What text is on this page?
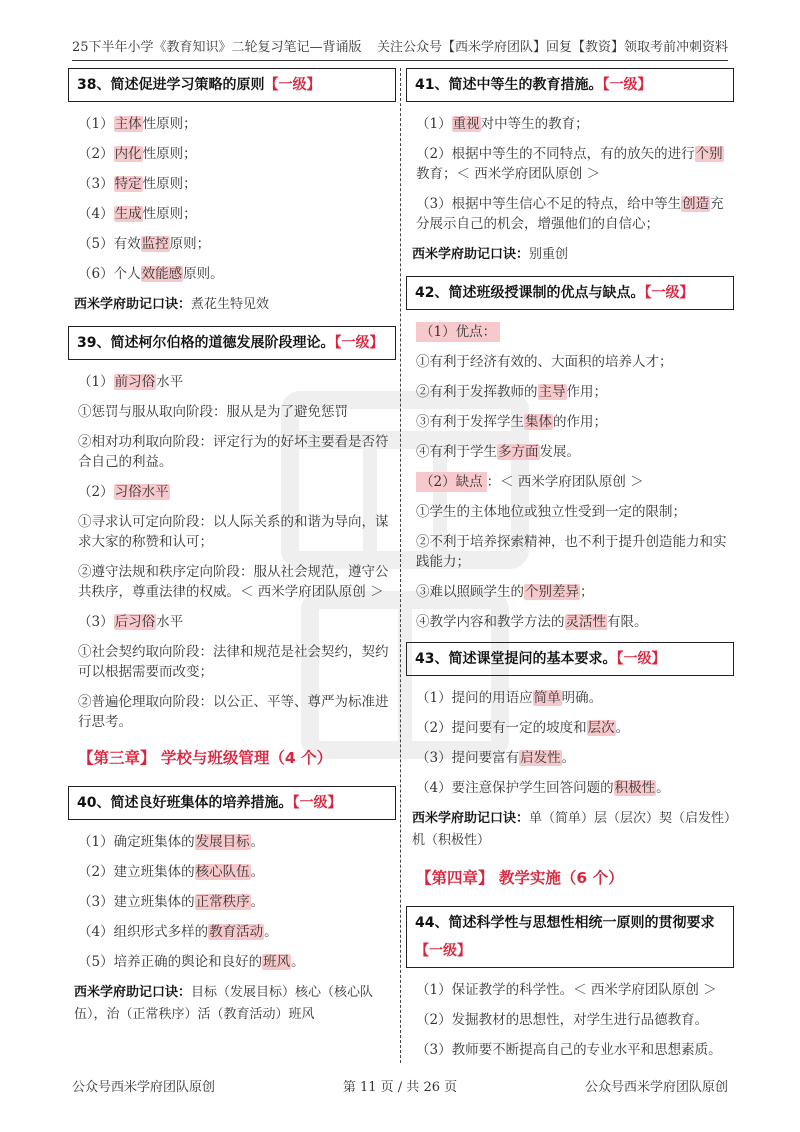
25下半年小学《教育知识》二轮复习笔记—背诵版 关注公众号【西米学府团队】回复【教资】领取考前冲刺资料
38、简述促进学习策略的原则【一级】
（1）主体性原则；
（2）内化性原则；
（3）特定性原则；
（4）生成性原则；
（5）有效监控原则；
（6）个人效能感原则。
西米学府助记口诀：煮花生特见效
39、简述柯尔伯格的道德发展阶段理论。【一级】
（1）前习俗水平
①惩罚与服从取向阶段：服从是为了避免惩罚
②相对功利取向阶段：评定行为的好坏主要看是否符合自己的利益。
（2）习俗水平
①寻求认可定向阶段：以人际关系的和谐为导向，谋求大家的称赞和认可；
②遵守法规和秩序定向阶段：服从社会规范，遵守公共秩序，尊重法律的权威。＜ 西米学府团队原创 ＞
（3）后习俗水平
①社会契约取向阶段：法律和规范是社会契约，契约可以根据需要而改变；
②普遍伦理取向阶段：以公正、平等、尊严为标准进行思考。
【第三章】 学校与班级管理（4 个）
40、简述良好班集体的培养措施。【一级】
（1）确定班集体的发展目标。
（2）建立班集体的核心队伍。
（3）建立班集体的正常秩序。
（4）组织形式多样的教育活动。
（5）培养正确的舆论和良好的班风。
西米学府助记口诀：目标（发展目标）核心（核心队伍），治（正常秩序）活（教育活动）班风
41、简述中等生的教育措施。【一级】
（1）重视对中等生的教育；
（2）根据中等生的不同特点，有的放矢的进行个别教育；＜ 西米学府团队原创 ＞
（3）根据中等生信心不足的特点，给中等生创造充分展示自己的机会，增强他们的自信心；
西米学府助记口诀：别重创
42、简述班级授课制的优点与缺点。【一级】
（1）优点：
①有利于经济有效的、大面积的培养人才；
②有利于发挥教师的主导作用；
③有利于发挥学生集体的作用；
④有利于学生多方面发展。
（2）缺点 ：＜ 西米学府团队原创 ＞
①学生的主体地位或独立性受到一定的限制；
②不利于培养探索精神，也不利于提升创造能力和实践能力；
③难以照顾学生的个别差异；
④教学内容和教学方法的灵活性有限。
43、简述课堂提问的基本要求。【一级】
（1）提问的用语应简单明确。
（2）提问要有一定的坡度和层次。
（3）提问要富有启发性。
（4）要注意保护学生回答问题的积极性。
西米学府助记口诀：单（简单）层（层次）契（启发性）机（积极性）
【第四章】 教学实施（6 个）
44、简述科学性与思想性相统一原则的贯彻要求
【一级】
（1）保证教学的科学性。＜ 西米学府团队原创 ＞
（2）发掘教材的思想性，对学生进行品德教育。
（3）教师要不断提高自己的专业水平和思想素质。
公众号西米学府团队原创	第 11 页 / 共 26 页	公众号西米学府团队原创
